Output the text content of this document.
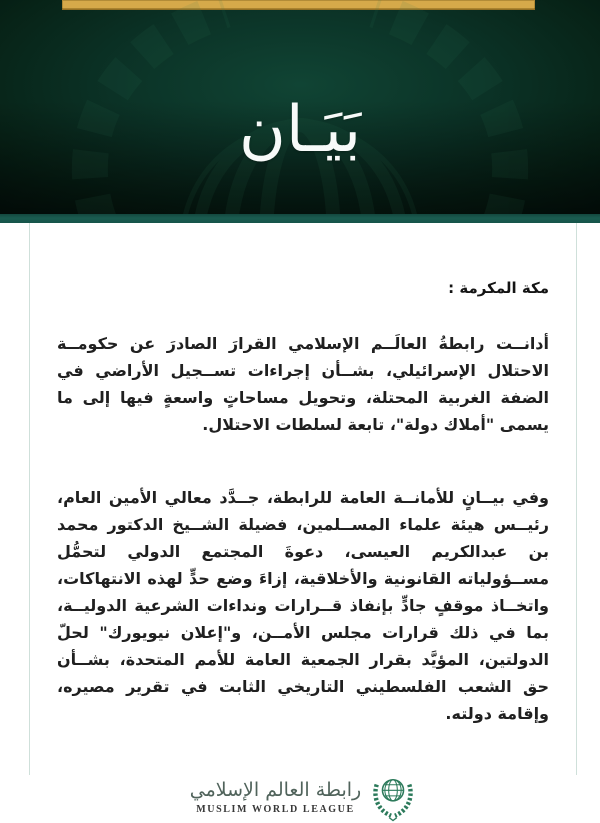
بَيَـان
مكة المكرمة :

أدانــت رابطةُ العالَــم الإسلامي القرارَ الصادرَ عن حكومــة الاحتلال الإسرائيلي، بشــأن إجراءات تســجيل الأراضي في الضفة الغربية المحتلة، وتحويل مساحاتٍ واسعةٍ فيها إلى ما يسمى "أملاك دولة"، تابعة لسلطات الاحتلال.

وفي بيــانٍ للأمانــة العامة للرابطة، جــدَّد معالي الأمين العام، رئيــس هيئة علماء المســلمين، فضيلة الشــيخ الدكتور محمد بن عبدالكريم العيسى، دعوةَ المجتمع الدولي لتحمُّل مســؤولياته القانونية والأخلاقية، إزاءَ وضع حدٍّ لهذه الانتهاكات، واتخــاذ موقفٍ جادٍّ بإنفاذ قــرارات ونداءات الشرعية الدوليــة، بما في ذلك قرارات مجلس الأمــن، و"إعلان نيويورك" لحلّ الدولتين، المؤيَّد بقرار الجمعية العامة للأمم المتحدة، بشــأن حق الشعب الفلسطيني التاريخي الثابت في تقرير مصيره، وإقامة دولته.

رابطة العالم الإسلامي
MUSLIM WORLD LEAGUE
